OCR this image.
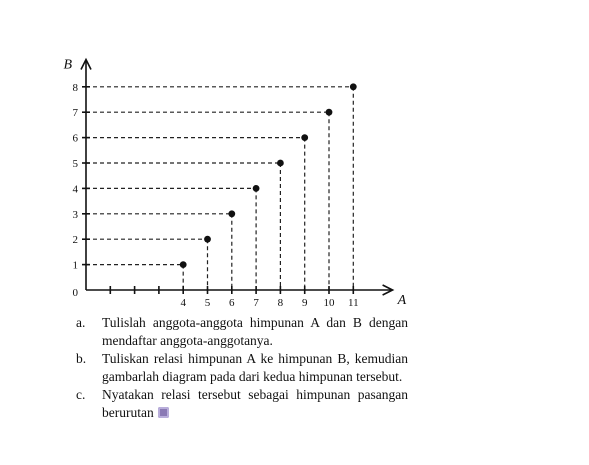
4 5 6 7 8 9 10 11
1
2
3
4
5
6
7
8
0	A
B
a.	Tulislah anggota-anggota himpunan A dan B dengan mendaftar anggota-anggotanya.
b.	Tuliskan relasi himpunan A ke himpunan B, kemudian gambarlah diagram pada dari kedua himpunan tersebut.
c.	Nyatakan relasi tersebut sebagai himpunan pasangan berurutan
